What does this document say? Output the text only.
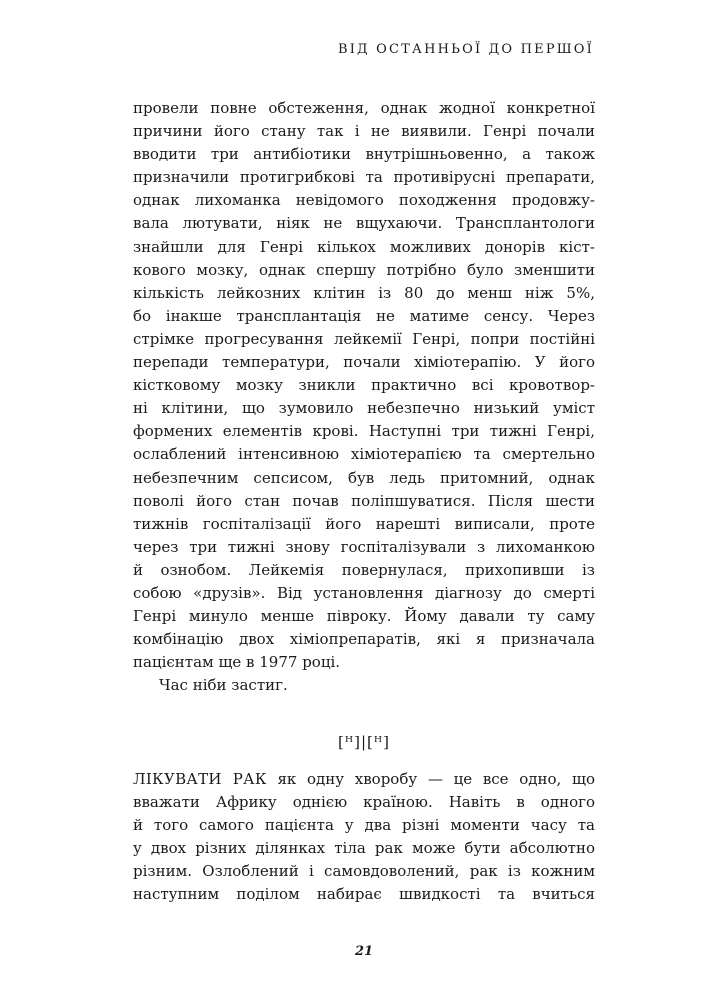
ВІД ОСТАННЬОЇ ДО ПЕРШОЇ
провели повне обстеження, однак жодної конкретної
причини його стану так і не виявили. Генрі почали
вводити три антибіотики внутрішньовенно, а також
призначили протигрибкові та противірусні препарати,
однак лихоманка невідомого походження продовжу-
вала лютувати, ніяк не вщухаючи. Трансплантологи
знайшли для Генрі кількох можливих донорів кіст-
кового мозку, однак спершу потрібно було зменшити
кількість лейкозних клітин із 80 до менш ніж 5%,
бо інакше трансплантація не матиме сенсу. Через
стрімке прогресування лейкемії Генрі, попри постійні
перепади температури, почали хіміотерапію. У його
кістковому мозку зникли практично всі кровотвор-
ні клітини, що зумовило небезпечно низький уміст
формених елементів крові. Наступні три тижні Генрі,
ослаблений інтенсивною хіміотерапією та смертельно
небезпечним сепсисом, був ледь притомний, однак
поволі його стан почав поліпшуватися. Після шести
тижнів госпіталізації його нарешті виписали, проте
через три тижні знову госпіталізували з лихоманкою
й ознобом. Лейкемія повернулася, прихопивши із
собою «друзів». Від установлення діагнозу до смерті
Генрі минуло менше півроку. Йому давали ту саму
комбінацію двох хіміопрепаратів, які я призначала
пацієнтам ще в 1977 році.
Час ніби застиг.
[ᴴ]|[ᴴ]
ЛІКУВАТИ РАК як одну хворобу — це все одно, що
вважати Африку однією країною. Навіть в одного
й того самого пацієнта у два різні моменти часу та
у двох різних ділянках тіла рак може бути абсолютно
різним. Озлоблений і самовдоволений, рак із кожним
наступним поділом набирає швидкості та вчиться
21
